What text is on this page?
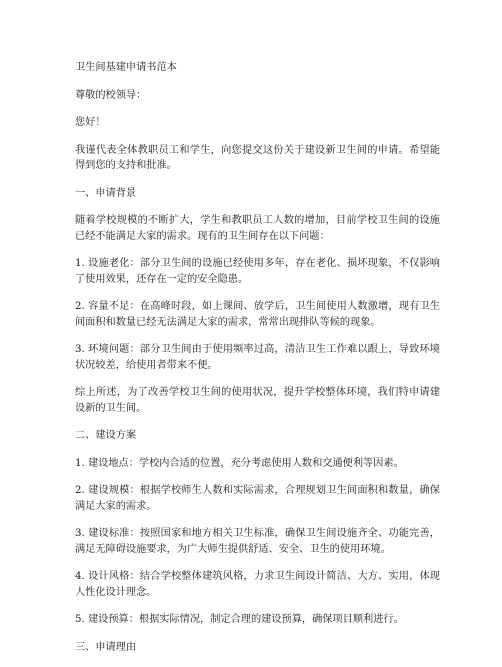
卫生间基建申请书范本
尊敬的校领导：
您好！
我谨代表全体教职员工和学生，向您提交这份关于建设新卫生间的申请。希望能得到您的支持和批准。
一、申请背景
随着学校规模的不断扩大，学生和教职员工人数的增加，目前学校卫生间的设施已经不能满足大家的需求。现有的卫生间存在以下问题：
1. 设施老化：部分卫生间的设施已经使用多年，存在老化、损坏现象，不仅影响了使用效果，还存在一定的安全隐患。
2. 容量不足：在高峰时段，如上课间、放学后，卫生间使用人数激增，现有卫生间面积和数量已经无法满足大家的需求，常常出现排队等候的现象。
3. 环境问题：部分卫生间由于使用频率过高，清洁卫生工作难以跟上，导致环境状况较差，给使用者带来不便。
综上所述，为了改善学校卫生间的使用状况，提升学校整体环境，我们特申请建设新的卫生间。
二、建设方案
1. 建设地点：学校内合适的位置，充分考虑使用人数和交通便利等因素。
2. 建设规模：根据学校师生人数和实际需求，合理规划卫生间面积和数量，确保满足大家的需求。
3. 建设标准：按照国家和地方相关卫生标准，确保卫生间设施齐全、功能完善，满足无障碍设施要求，为广大师生提供舒适、安全、卫生的使用环境。
4. 设计风格：结合学校整体建筑风格，力求卫生间设计简洁、大方、实用，体现人性化设计理念。
5. 建设预算：根据实际情况，制定合理的建设预算，确保项目顺利进行。
三、申请理由
